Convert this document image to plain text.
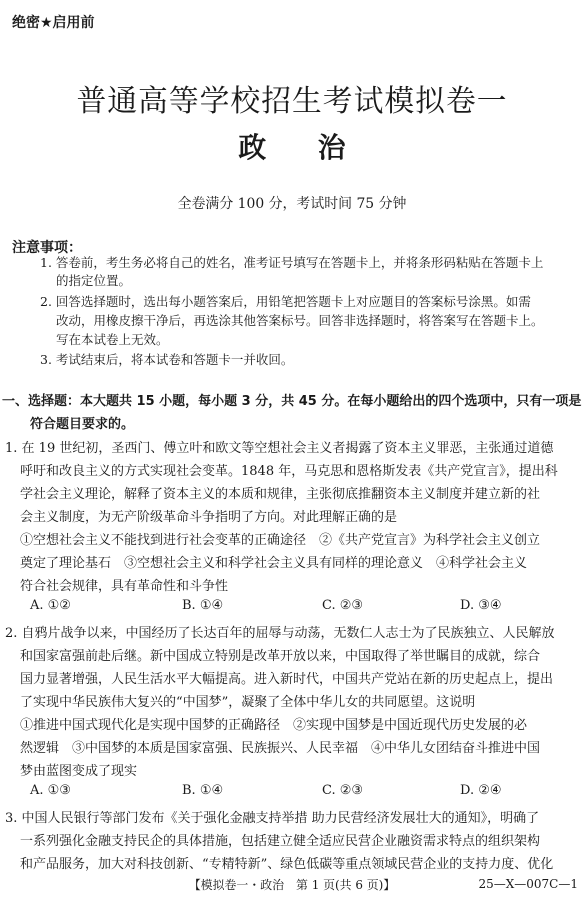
绝密★启用前
普通高等学校招生考试模拟卷一
政治
全卷满分 100 分，考试时间 75 分钟
注意事项：
1. 答卷前，考生务必将自己的姓名，准考证号填写在答题卡上，并将条形码粘贴在答题卡上
的指定位置。
2. 回答选择题时，选出每小题答案后，用铅笔把答题卡上对应题目的答案标号涂黑。如需
改动，用橡皮擦干净后，再选涂其他答案标号。回答非选择题时，将答案写在答题卡上。
写在本试卷上无效。
3. 考试结束后，将本试卷和答题卡一并收回。
一、选择题：本大题共 15 小题，每小题 3 分，共 45 分。在每小题给出的四个选项中，只有一项是
符合题目要求的。
1. 在 19 世纪初，圣西门、傅立叶和欧文等空想社会主义者揭露了资本主义罪恶，主张通过道德
呼吁和改良主义的方式实现社会变革。1848 年，马克思和恩格斯发表《共产党宣言》，提出科
学社会主义理论，解释了资本主义的本质和规律，主张彻底推翻资本主义制度并建立新的社
会主义制度，为无产阶级革命斗争指明了方向。对此理解正确的是
①空想社会主义不能找到进行社会变革的正确途径　②《共产党宣言》为科学社会主义创立
奠定了理论基石　③空想社会主义和科学社会主义具有同样的理论意义　④科学社会主义
符合社会规律，具有革命性和斗争性
A. ①②	B. ①④	C. ②③	D. ③④
2. 自鸦片战争以来，中国经历了长达百年的屈辱与动荡，无数仁人志士为了民族独立、人民解放
和国家富强前赴后继。新中国成立特别是改革开放以来，中国取得了举世瞩目的成就，综合
国力显著增强，人民生活水平大幅提高。进入新时代，中国共产党站在新的历史起点上，提出
了实现中华民族伟大复兴的“中国梦”，凝聚了全体中华儿女的共同愿望。这说明
①推进中国式现代化是实现中国梦的正确路径　②实现中国梦是中国近现代历史发展的必
然逻辑　③中国梦的本质是国家富强、民族振兴、人民幸福　④中华儿女团结奋斗推进中国
梦由蓝图变成了现实
A. ①③	B. ①④	C. ②③	D. ②④
3. 中国人民银行等部门发布《关于强化金融支持举措 助力民营经济发展壮大的通知》，明确了
一系列强化金融支持民企的具体措施，包括建立健全适应民营企业融资需求特点的组织架构
和产品服务，加大对科技创新、“专精特新”、绿色低碳等重点领域民营企业的支持力度、优化
【模拟卷一・政治　第 1 页(共 6 页)】	25—X—007C—1
